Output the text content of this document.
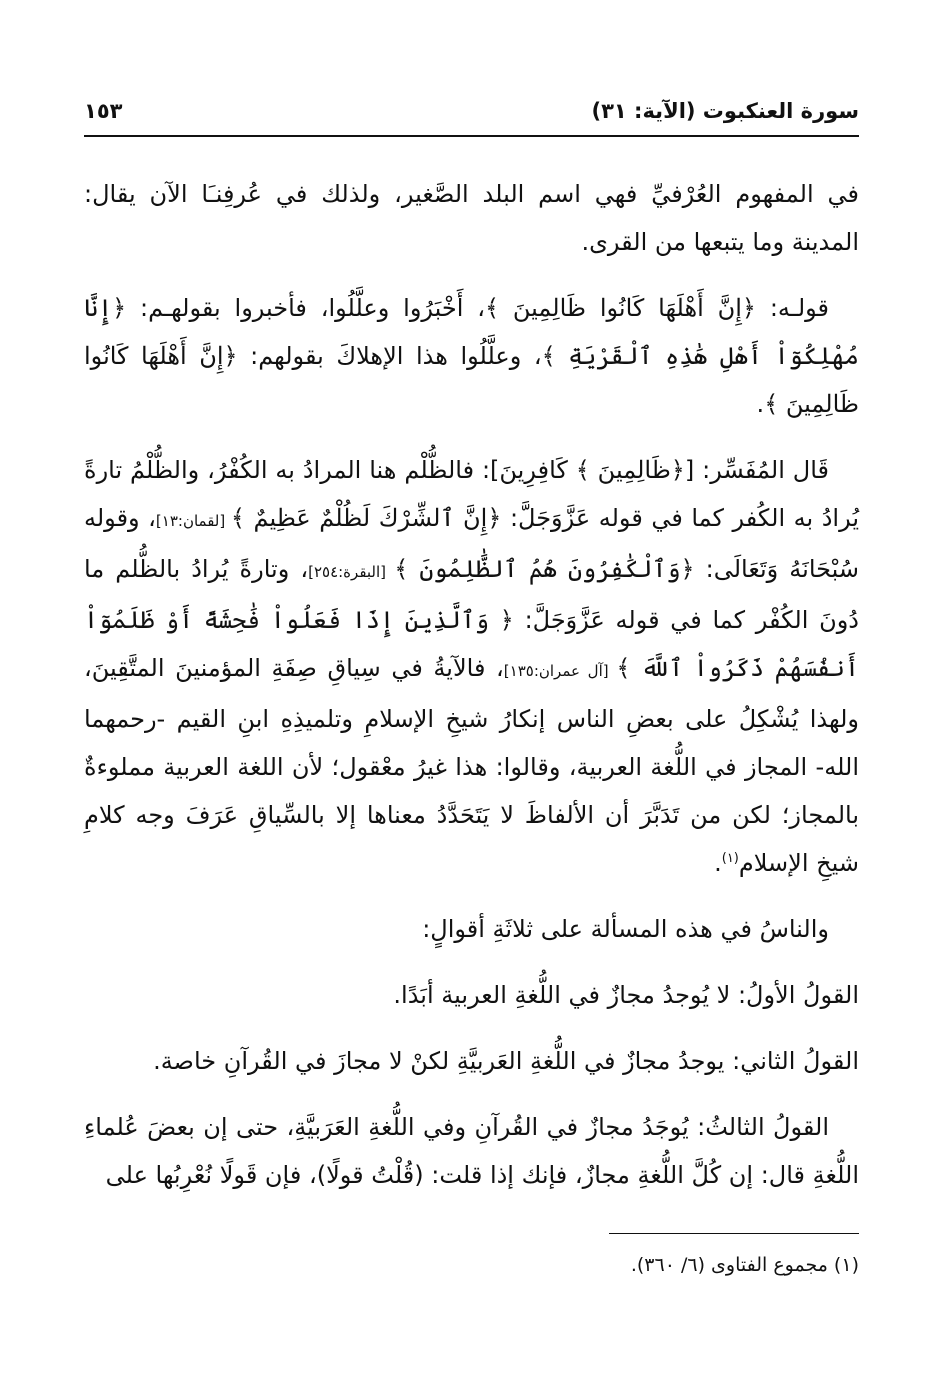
سورة العنكبوت (الآية: ٣١)
١٥٣

في المفهوم العُرْفيِّ فهي اسم البلد الصَّغير، ولذلك في عُرفِنـَا الآن يقال: المدينة وما يتبعها من القرى.

قولـه: ﴿إِنَّ أَهْلَهَا كَانُوا ظَالِمِينَ ﴾، أَخْبَرُوا وعلَّلُوا، فأخبروا بقولهـم: ﴿إِنَّا مُهْلِكُوٓاْ أَهْلِ هَٰذِهِ ٱلْقَرْيَةِ ﴾، وعلَّلُوا هذا الإهلاكَ بقولهم: ﴿إِنَّ أَهْلَهَا كَانُوا ظَالِمِينَ ﴾.

قَال المُفَسِّر: [﴿ظَالِمِينَ ﴾ كَافِرِينَ]: فالظُّلْم هنا المرادُ به الكُفْرُ، والظُّلْمُ تارةً يُرادُ به الكُفر كما في قوله عَزَّوَجَلَّ: ﴿إِنَّ ٱلشِّرْكَ لَظُلْمٌ عَظِيمٌ ﴾ [لقمان:١٣]، وقوله سُبْحَانَهُ وَتَعَالَى: ﴿وَٱلْكَٰفِرُونَ هُمُ ٱلظَّٰلِمُونَ ﴾ [البقرة:٢٥٤]، وتارةً يُرادُ بالظُّلم ما دُونَ الكُفْر كما في قوله عَزَّوَجَلَّ: ﴿ وَٱلَّذِينَ إِذَا فَعَلُواْ فَٰحِشَةً أَوْ ظَلَمُوٓاْ أَنفُسَهُمْ ذَكَرُواْ ٱللَّهَ ﴾ [آل عمران:١٣٥]، فالآيةُ في سِياقِ صِفَةِ المؤمنينَ المتَّقِينَ، ولهذا يُشْكِلُ على بعضِ الناس إنكارُ شيخِ الإسلامِ وتلميذِهِ ابنِ القيم -رحمهما الله- المجاز في اللُّغة العربية، وقالوا: هذا غيرُ معْقول؛ لأن اللغة العربية مملوءةٌ بالمجاز؛ لكن من تَدَبَّرَ أن الألفاظَ لا يَتَحَدَّدُ معناها إلا بالسِّياقِ عَرَفَ وجه كلامِ شيخِ الإسلام$^{(١)}$.

والناسُ في هذه المسألة على ثلاثَةِ أقوالٍ:

القولُ الأولُ: لا يُوجدُ مجازٌ في اللُّغةِ العربية أبَدًا.

القولُ الثاني: يوجدُ مجازٌ في اللُّغةِ العَربيَّةِ لكنْ لا مجازَ في القُرآنِ خاصة.

القولُ الثالثُ: يُوجَدُ مجازٌ في القُرآنِ وفي اللُّغةِ العَرَبيَّةِ، حتى إن بعضَ عُلماءِ اللُّغةِ قال: إن كُلَّ اللُّغةِ مجازٌ، فإنك إذا قلت: (قُلْتُ قولًا)، فإن قَولًا نُعْرِبُها على

(١) مجموع الفتاوى (٦/ ٣٦٠).
